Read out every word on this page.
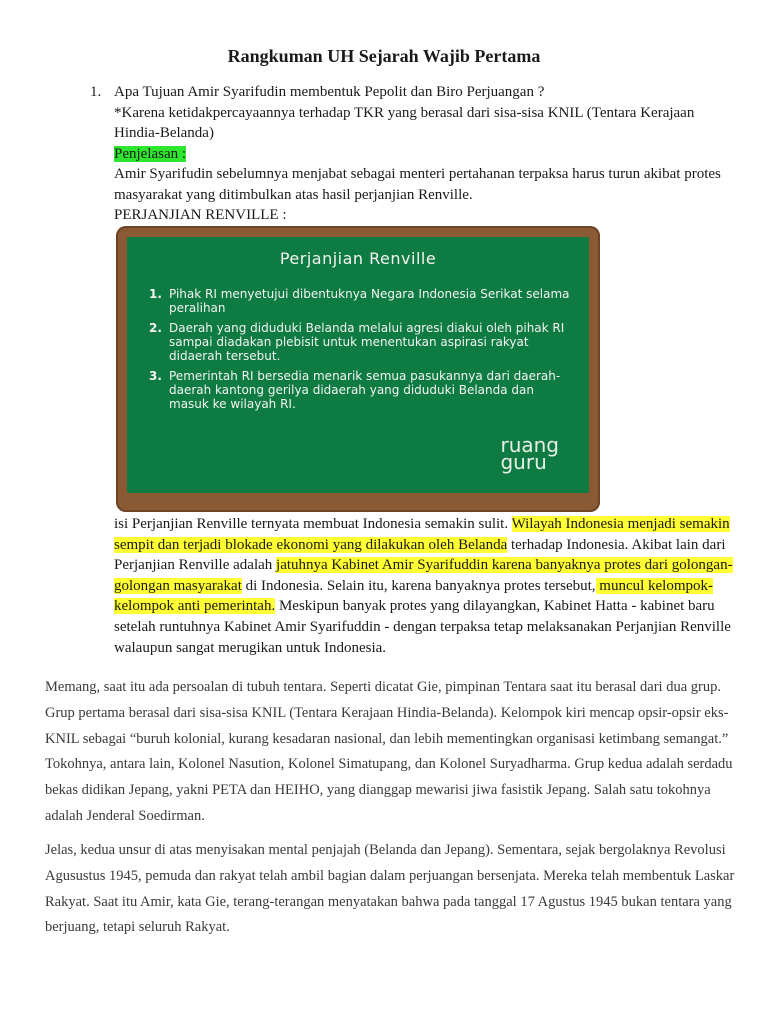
Rangkuman UH Sejarah Wajib Pertama
1. Apa Tujuan Amir Syarifudin membentuk Pepolit dan Biro Perjuangan ?

*Karena ketidakpercayaannya terhadap TKR yang berasal dari sisa-sisa KNIL (Tentara Kerajaan Hindia-Belanda)

Penjelasan :

Amir Syarifudin sebelumnya menjabat sebagai menteri pertahanan terpaksa harus turun akibat protes masyarakat yang ditimbulkan atas hasil perjanjian Renville.

PERJANJIAN RENVILLE :

Perjanjian Renville
1. Pihak RI menyetujui dibentuknya Negara Indonesia Serikat selama peralihan
2. Daerah yang diduduki Belanda melalui agresi diakui oleh pihak RI sampai diadakan plebisit untuk menentukan aspirasi rakyat didaerah tersebut.
3. Pemerintah RI bersedia menarik semua pasukannya dari daerah-daerah kantong gerilya didaerah yang diduduki Belanda dan masuk ke wilayah RI.
ruang
guru

isi Perjanjian Renville ternyata membuat Indonesia semakin sulit. Wilayah Indonesia menjadi semakin sempit dan terjadi blokade ekonomi yang dilakukan oleh Belanda terhadap Indonesia. Akibat lain dari Perjanjian Renville adalah jatuhnya Kabinet Amir Syarifuddin karena banyaknya protes dari golongan-golongan masyarakat di Indonesia. Selain itu, karena banyaknya protes tersebut, muncul kelompok-kelompok anti pemerintah. Meskipun banyak protes yang dilayangkan, Kabinet Hatta - kabinet baru setelah runtuhnya Kabinet Amir Syarifuddin - dengan terpaksa tetap melaksanakan Perjanjian Renville walaupun sangat merugikan untuk Indonesia.

Memang, saat itu ada persoalan di tubuh tentara. Seperti dicatat Gie, pimpinan Tentara saat itu berasal dari dua grup. Grup pertama berasal dari sisa-sisa KNIL (Tentara Kerajaan Hindia-Belanda). Kelompok kiri mencap opsir-opsir eks-KNIL sebagai “buruh kolonial, kurang kesadaran nasional, dan lebih mementingkan organisasi ketimbang semangat.” Tokohnya, antara lain, Kolonel Nasution, Kolonel Simatupang, dan Kolonel Suryadharma. Grup kedua adalah serdadu bekas didikan Jepang, yakni PETA dan HEIHO, yang dianggap mewarisi jiwa fasistik Jepang. Salah satu tokohnya adalah Jenderal Soedirman.

Jelas, kedua unsur di atas menyisakan mental penjajah (Belanda dan Jepang). Sementara, sejak bergolaknya Revolusi Agusustus 1945, pemuda dan rakyat telah ambil bagian dalam perjuangan bersenjata. Mereka telah membentuk Laskar Rakyat. Saat itu Amir, kata Gie, terang-terangan menyatakan bahwa pada tanggal 17 Agustus 1945 bukan tentara yang berjuang, tetapi seluruh Rakyat.
